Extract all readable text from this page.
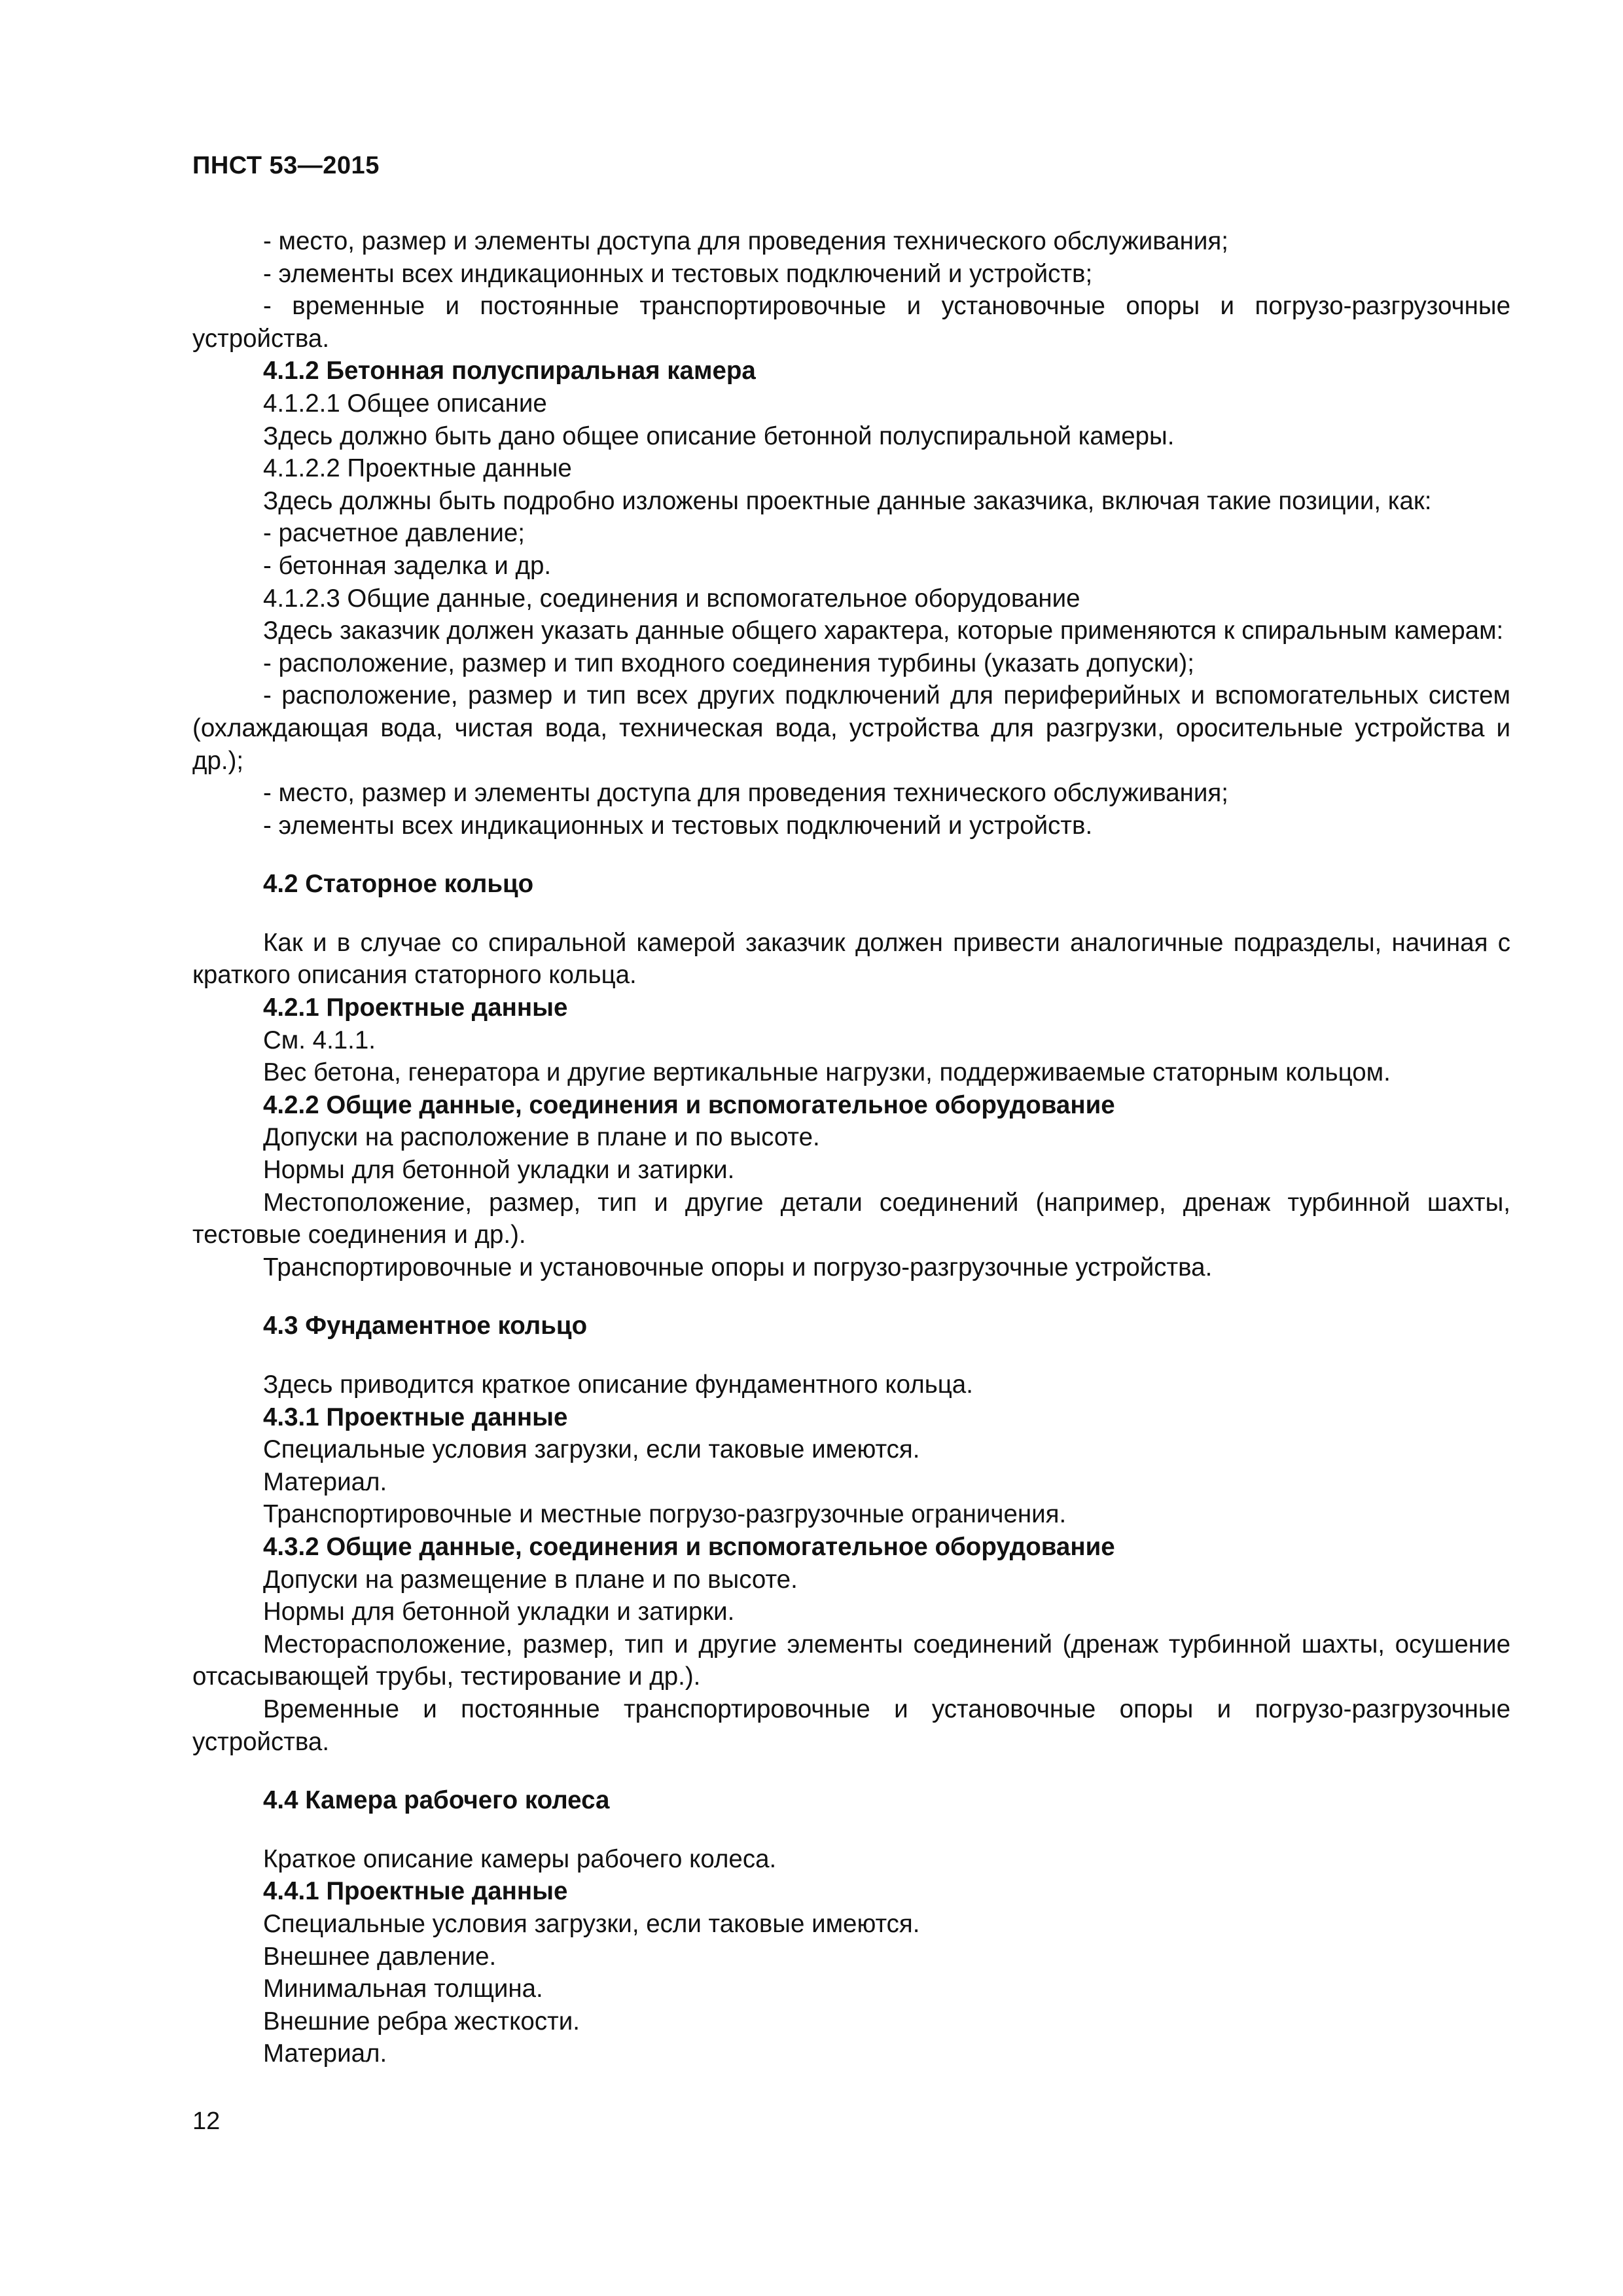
ПНСТ 53—2015

- место, размер и элементы доступа для проведения технического обслуживания;

- элементы всех индикационных и тестовых подключений и устройств;

- временные и постоянные транспортировочные и установочные опоры и погрузо-разгрузочные устройства.

4.1.2 Бетонная полуспиральная камера

4.1.2.1 Общее описание

Здесь должно быть дано общее описание бетонной полуспиральной камеры.

4.1.2.2 Проектные данные

Здесь должны быть подробно изложены проектные данные заказчика, включая такие позиции, как:

- расчетное давление;

- бетонная заделка и др.

4.1.2.3 Общие данные, соединения и вспомогательное оборудование

Здесь заказчик должен указать данные общего характера, которые применяются к спиральным камерам:

- расположение, размер и тип входного соединения турбины (указать допуски);

- расположение, размер и тип всех других подключений для периферийных и вспомогательных систем (охлаждающая вода, чистая вода, техническая вода, устройства для разгрузки, оросительные устройства и др.);

- место, размер и элементы доступа для проведения технического обслуживания;

- элементы всех индикационных и тестовых подключений и устройств.

4.2 Статорное кольцо

Как и в случае со спиральной камерой заказчик должен привести аналогичные подразделы, начиная с краткого описания статорного кольца.

4.2.1 Проектные данные

См. 4.1.1.

Вес бетона, генератора и другие вертикальные нагрузки, поддерживаемые статорным кольцом.

4.2.2 Общие данные, соединения и вспомогательное оборудование

Допуски на расположение в плане и по высоте.

Нормы для бетонной укладки и затирки.

Местоположение, размер, тип и другие детали соединений (например, дренаж турбинной шахты, тестовые соединения и др.).

Транспортировочные и установочные опоры и погрузо-разгрузочные устройства.

4.3 Фундаментное кольцо

Здесь приводится краткое описание фундаментного кольца.

4.3.1 Проектные данные

Специальные условия загрузки, если таковые имеются.

Материал.

Транспортировочные и местные погрузо-разгрузочные ограничения.

4.3.2 Общие данные, соединения и вспомогательное оборудование

Допуски на размещение в плане и по высоте.

Нормы для бетонной укладки и затирки.

Месторасположение, размер, тип и другие элементы соединений (дренаж турбинной шахты, осушение отсасывающей трубы, тестирование и др.).

Временные и постоянные транспортировочные и установочные опоры и погрузо-разгрузочные устройства.

4.4 Камера рабочего колеса

Краткое описание камеры рабочего колеса.

4.4.1 Проектные данные

Специальные условия загрузки, если таковые имеются.

Внешнее давление.

Минимальная толщина.

Внешние ребра жесткости.

Материал.

12
